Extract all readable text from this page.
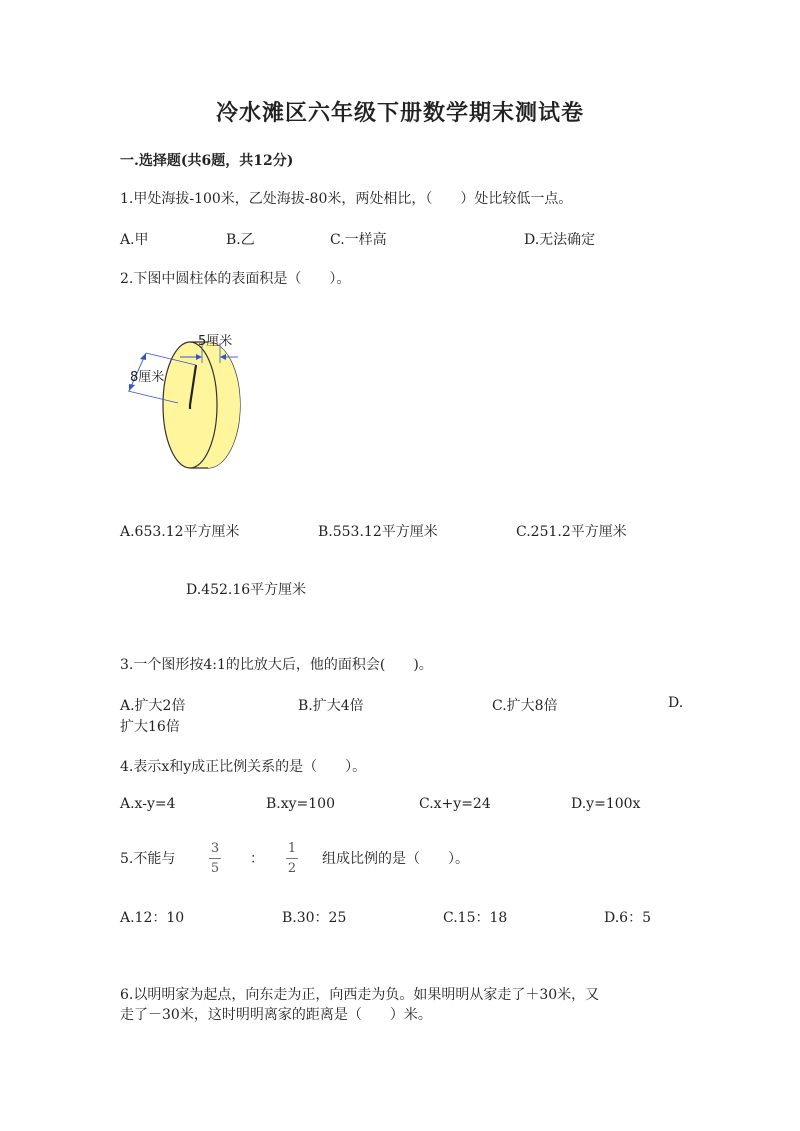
冷水滩区六年级下册数学期末测试卷
一.选择题(共6题，共12分)
1.甲处海拔-100米，乙处海拔-80米，两处相比，（　　）处比较低一点。
A.甲	B.乙	C.一样高	D.无法确定
2.下图中圆柱体的表面积是（　　）。
5厘米
8厘米
A.653.12平方厘米	B.553.12平方厘米	C.251.2平方厘米
D.452.16平方厘米
3.一个图形按4:1的比放大后，他的面积会(　　)。
A.扩大2倍	B.扩大4倍	C.扩大8倍	D.
扩大16倍
4.表示x和y成正比例关系的是（　　）。
A.x-y=4	B.xy=100	C.x+y=24	D.y=100x
5.不能与
3
5
：
1
2
组成比例的是（　　）。
A.12：10	B.30：25	C.15：18	D.6：5
6.以明明家为起点，向东走为正，向西走为负。如果明明从家走了＋30米，又
走了－30米，这时明明离家的距离是（　　）米。
